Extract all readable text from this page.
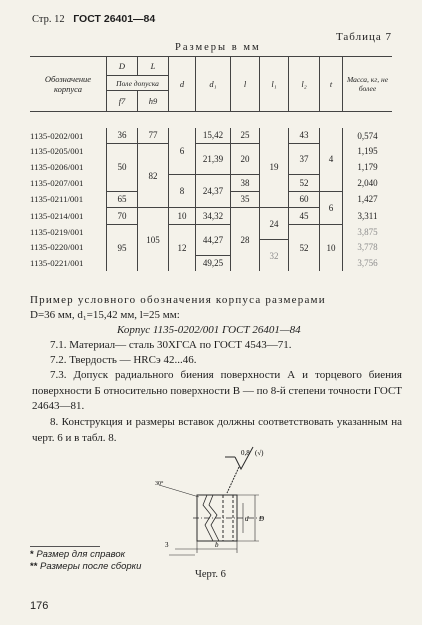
Стр. 12 ГОСТ 26401—84
Таблица 7
Размеры в мм
Обозначение корпуса	D	L	d	d₁	l	l₁	l₂	t	Масса, кг, не более
	Поле допуска								
	f7	h9							

1135-0202/001	36	77	6	15,42	25	19	43	4	0,574
1135-0205/001	50	82		21,39	20		37		1,195
1135-0206/001									1,179
1135-0207/001			8	24,37	38		52		2,040
1135-0211/001	65				35		60	6	1,427
1135-0214/001	70	105	10	34,32	28	24	45		3,311
1135-0219/001	95		12	44,27			52	10	3,875
1135-0220/001						32			3,778
1135-0221/001				49,25					3,756
Пример условного обозначения корпуса размерами
D=36 мм, d₁=15,42 мм, l=25 мм:
Корпус 1135-0202/001 ГОСТ 26401—84
7.1. Материал— сталь 30ХГСА по ГОСТ 4543—71.
7.2. Твердость — HRCэ 42...46.
7.3. Допуск радиального биения поверхности А и торцевого биения поверхности Б относительно поверхности В — по 8-й степени точности ГОСТ 24643—81.
8. Конструкция и размеры вставок должны соответствовать указанным на черт. 6 и в табл. 8.
0,8 (√)
30°
d D
3	b
* Размер для справок
** Размеры после сборки
Черт. 6
176
